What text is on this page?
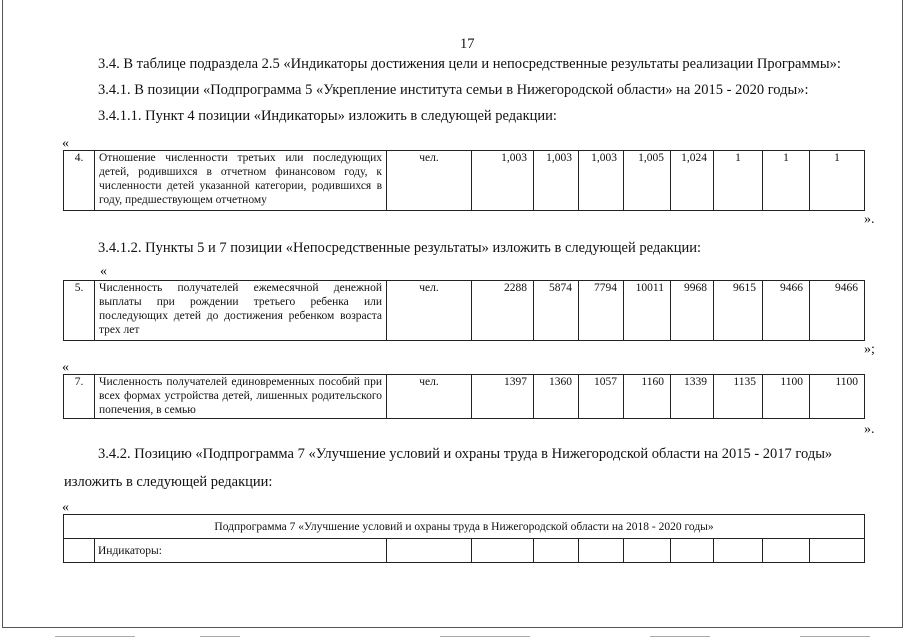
17
3.4. В таблице подраздела 2.5 «Индикаторы достижения цели и непосредственные результаты реализации Программы»:
3.4.1. В позиции «Подпрограмма 5 «Укрепление института семьи в Нижегородской области» на 2015 - 2020 годы»:
3.4.1.1. Пункт 4 позиции «Индикаторы» изложить в следующей редакции:
«
4.	Отношение численности третьих или последующих детей, родившихся в отчетном финансовом году, к численности детей указанной категории, родившихся в году, предшествующем отчетному	чел.	1,003	1,003	1,003	1,005	1,024	1	1	1
».
3.4.1.2. Пункты 5 и 7 позиции «Непосредственные результаты» изложить в следующей редакции:
«
5.	Численность получателей ежемесячной денежной выплаты при рождении третьего ребенка или последующих детей до достижения ребенком возраста трех лет	чел.	2288	5874	7794	10011	9968	9615	9466	9466
»;
«
7.	Численность получателей единовременных пособий при всех формах устройства детей, лишенных родительского попечения, в семью	чел.	1397	1360	1057	1160	1339	1135	1100	1100
».
3.4.2. Позицию «Подпрограмма 7 «Улучшение условий и охраны труда в Нижегородской области на 2015 - 2017 годы»
изложить в следующей редакции:
«
Подпрограмма 7 «Улучшение условий и охраны труда в Нижегородской области на 2018 - 2020 годы»
	Индикаторы:									
